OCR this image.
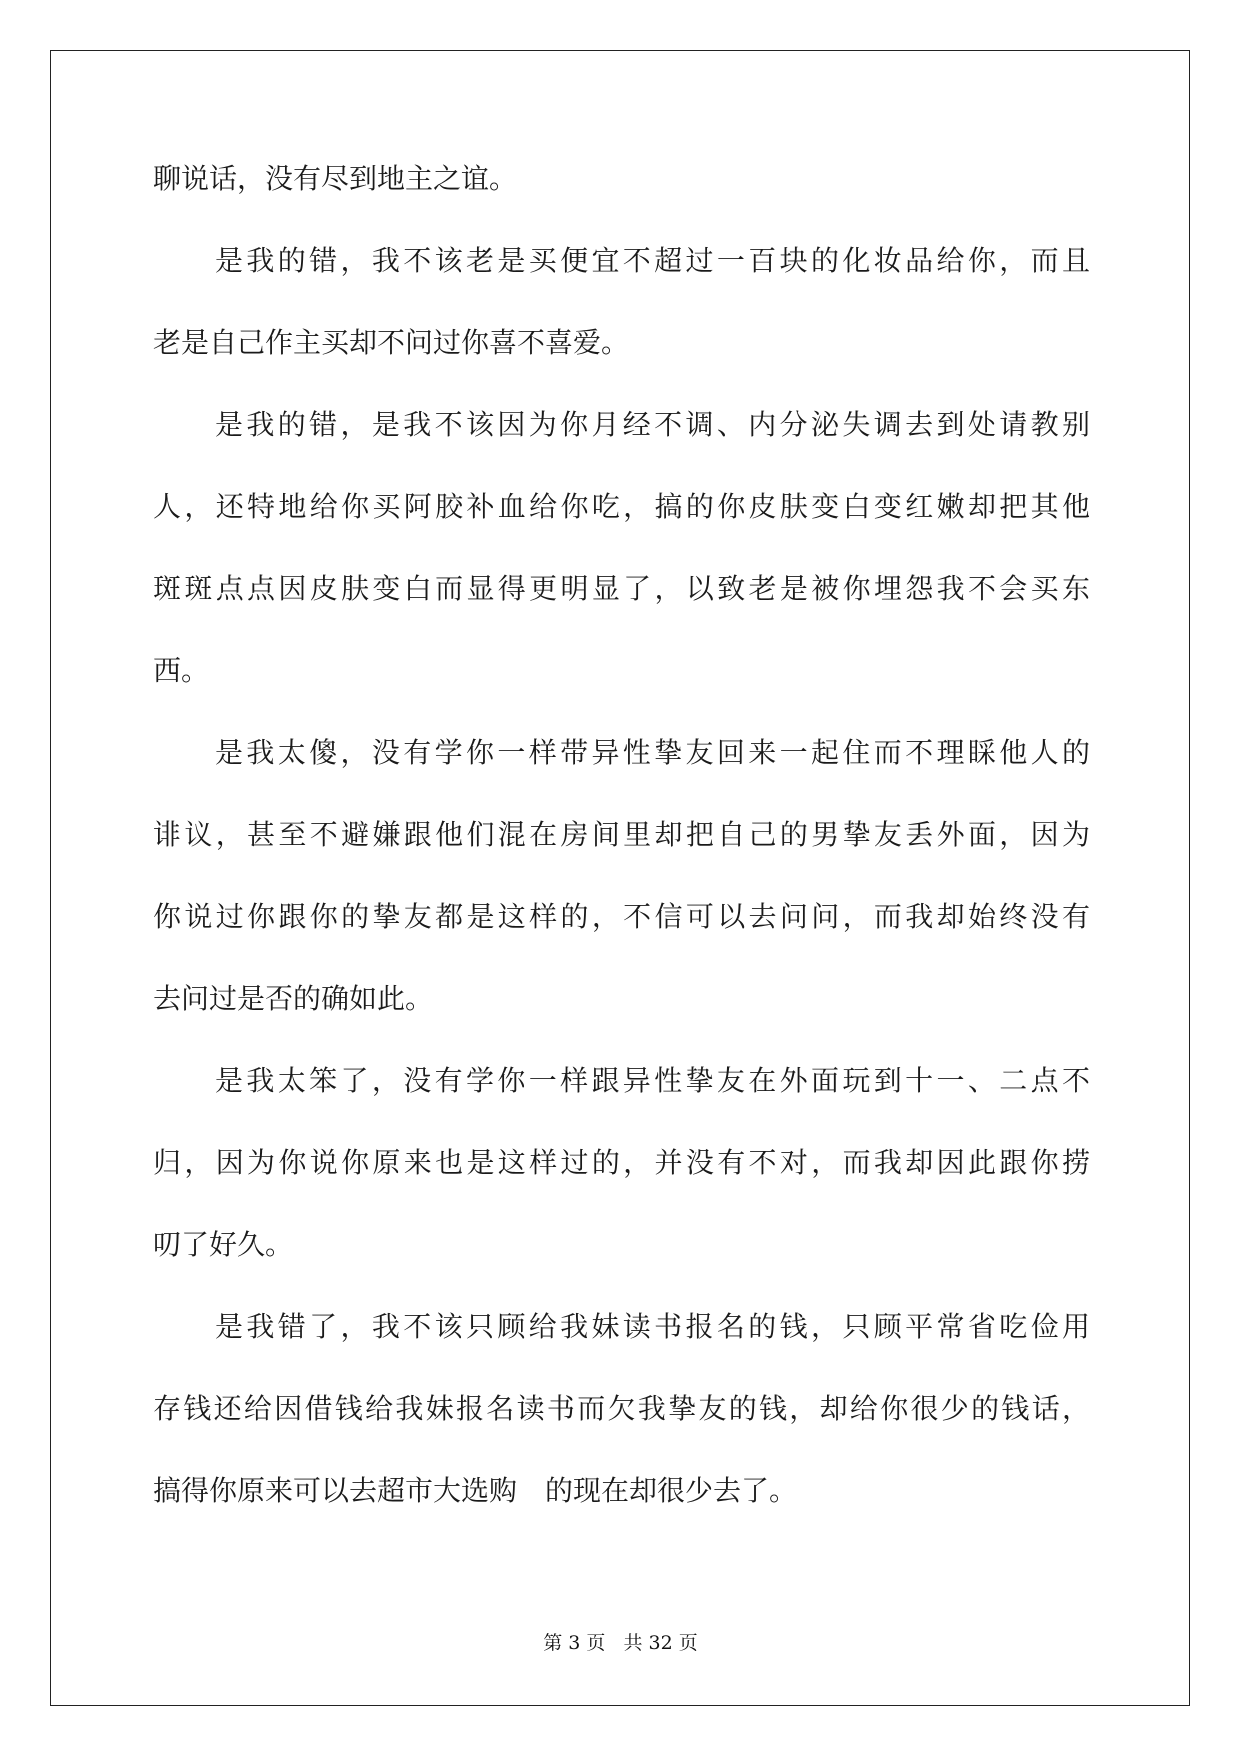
聊说话，没有尽到地主之谊。
是我的错，我不该老是买便宜不超过一百块的化妆品给你，而且
老是自己作主买却不问过你喜不喜爱。
是我的错，是我不该因为你月经不调、内分泌失调去到处请教别
人，还特地给你买阿胶补血给你吃，搞的你皮肤变白变红嫩却把其他
斑斑点点因皮肤变白而显得更明显了，以致老是被你埋怨我不会买东
西。
是我太傻，没有学你一样带异性挚友回来一起住而不理睬他人的
诽议，甚至不避嫌跟他们混在房间里却把自己的男挚友丢外面，因为
你说过你跟你的挚友都是这样的，不信可以去问问，而我却始终没有
去问过是否的确如此。
是我太笨了，没有学你一样跟异性挚友在外面玩到十一、二点不
归，因为你说你原来也是这样过的，并没有不对，而我却因此跟你捞
叨了好久。
是我错了，我不该只顾给我妹读书报名的钱，只顾平常省吃俭用
存钱还给因借钱给我妹报名读书而欠我挚友的钱，却给你很少的钱话，
搞得你原来可以去超市大选购　的现在却很少去了。
第 3 页 共 32 页
